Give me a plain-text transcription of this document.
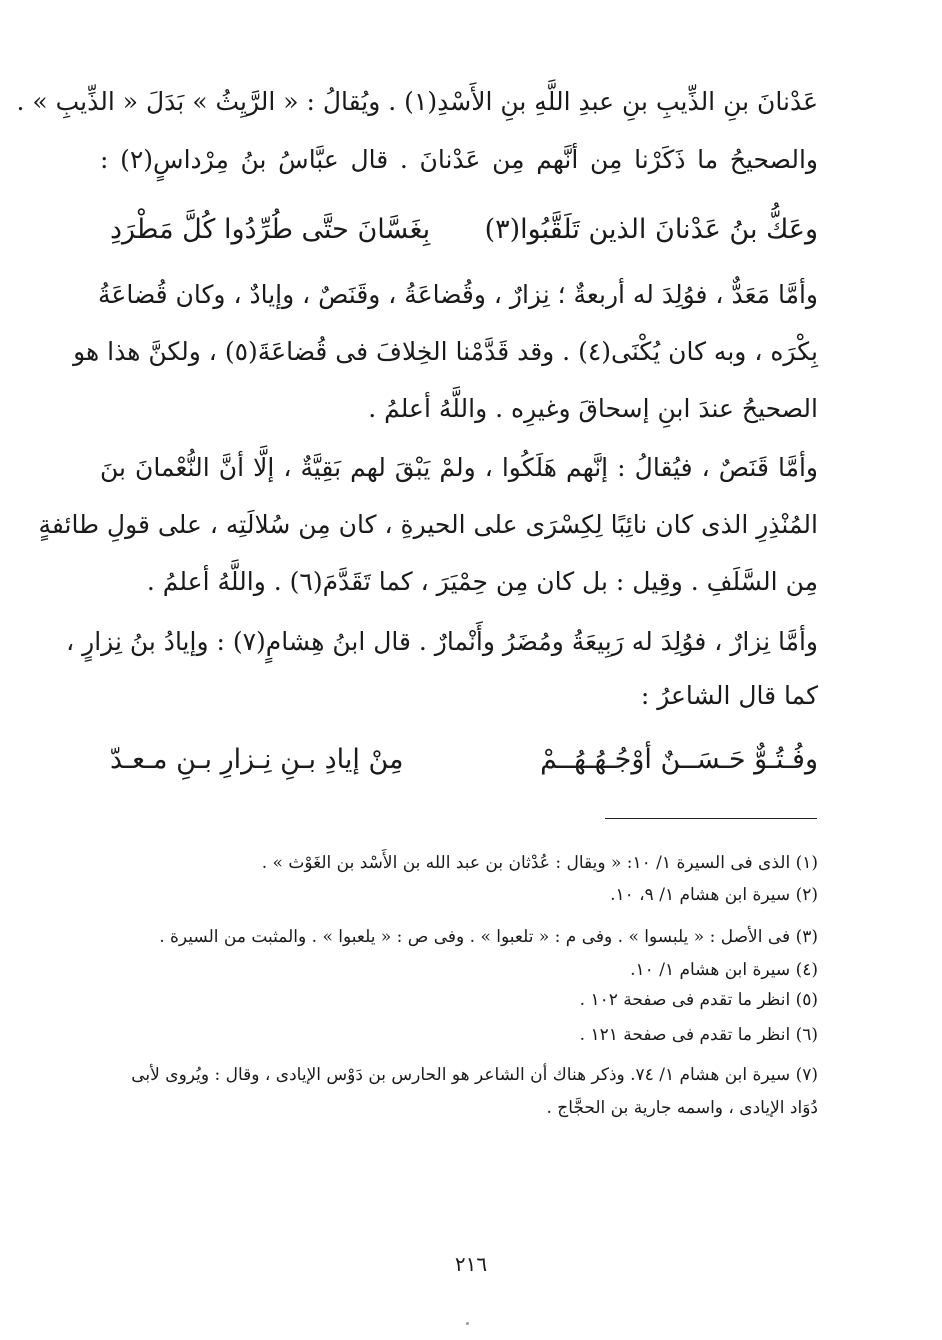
عَدْنانَ بنِ الذِّيبِ بنِ عبدِ اللَّهِ بنِ الأَسْدِ(١) . ويُقالُ : « الرَّيِثُ » بَدَلَ « الذِّيبِ » .
والصحيحُ ما ذَكَرْنا مِن أنَّهم مِن عَدْنانَ . قال عبَّاسُ بنُ مِرْداسٍ(٢) :
وعَكُّ بنُ عَدْنانَ الذين تَلَقَّبُوا(٣)
بِغَسَّانَ حتَّى طُرِّدُوا كُلَّ مَطْرَدِ
وأمَّا مَعَدٌّ ، فوُلِدَ له أربعةٌ ؛ نِزارٌ ، وقُضاعَةُ ، وقَنَصٌ ، وإيادٌ ، وكان قُضاعَةُ
بِكْرَه ، وبه كان يُكْنَى(٤) . وقد قَدَّمْنا الخِلافَ فى قُضاعَةَ(٥) ، ولكنَّ هذا هو
الصحيحُ عندَ ابنِ إسحاقَ وغيرِه . واللَّهُ أعلمُ .
وأمَّا قَنَصٌ ، فيُقالُ : إنَّهم هَلَكُوا ، ولمْ يَبْقَ لهم بَقِيَّةٌ ، إلَّا أنَّ النُّعْمانَ بنَ
المُنْذِرِ الذى كان نائِبًا لِكِسْرَى على الحيرةِ ، كان مِن سُلالَتِه ، على قولِ طائفةٍ
مِن السَّلَفِ . وقِيل : بل كان مِن حِمْيَرَ ، كما تَقَدَّمَ(٦) . واللَّهُ أعلمُ .
وأمَّا نِزارٌ ، فوُلِدَ له رَبِيعَةُ ومُضَرُ وأَنْمارٌ . قال ابنُ هِشامٍ(٧) : وإيادُ بنُ نِزارٍ ،
كما قال الشاعرُ :
وفُـتُـوٌّ حَـسَــنٌ أوْجُـهُـهُــمْ
مِنْ إيادِ بـنِ نِـزارِ بـنِ مـعـدّ
(١) الذى فى السيرة ١/ ١٠: « ويقال : عُدْثان بن عبد الله بن الأَسْد بن الغَوْث » .
(٢) سيرة ابن هشام ١/ ٩، ١٠.
(٣) فى الأصل : « يلبسوا » . وفى م : « تلعبوا » . وفى ص : « يلعبوا » . والمثبت من السيرة .
(٤) سيرة ابن هشام ١/ ١٠.
(٥) انظر ما تقدم فى صفحة ١٠٢ .
(٦) انظر ما تقدم فى صفحة ١٢١ .
(٧) سيرة ابن هشام ١/ ٧٤. وذكر هناك أن الشاعر هو الحارس بن دَوْس الإيادى ، وقال : ويُروى لأبى
دُوَاد الإيادى ، واسمه جارية بن الحجَّاج .
٢١٦
